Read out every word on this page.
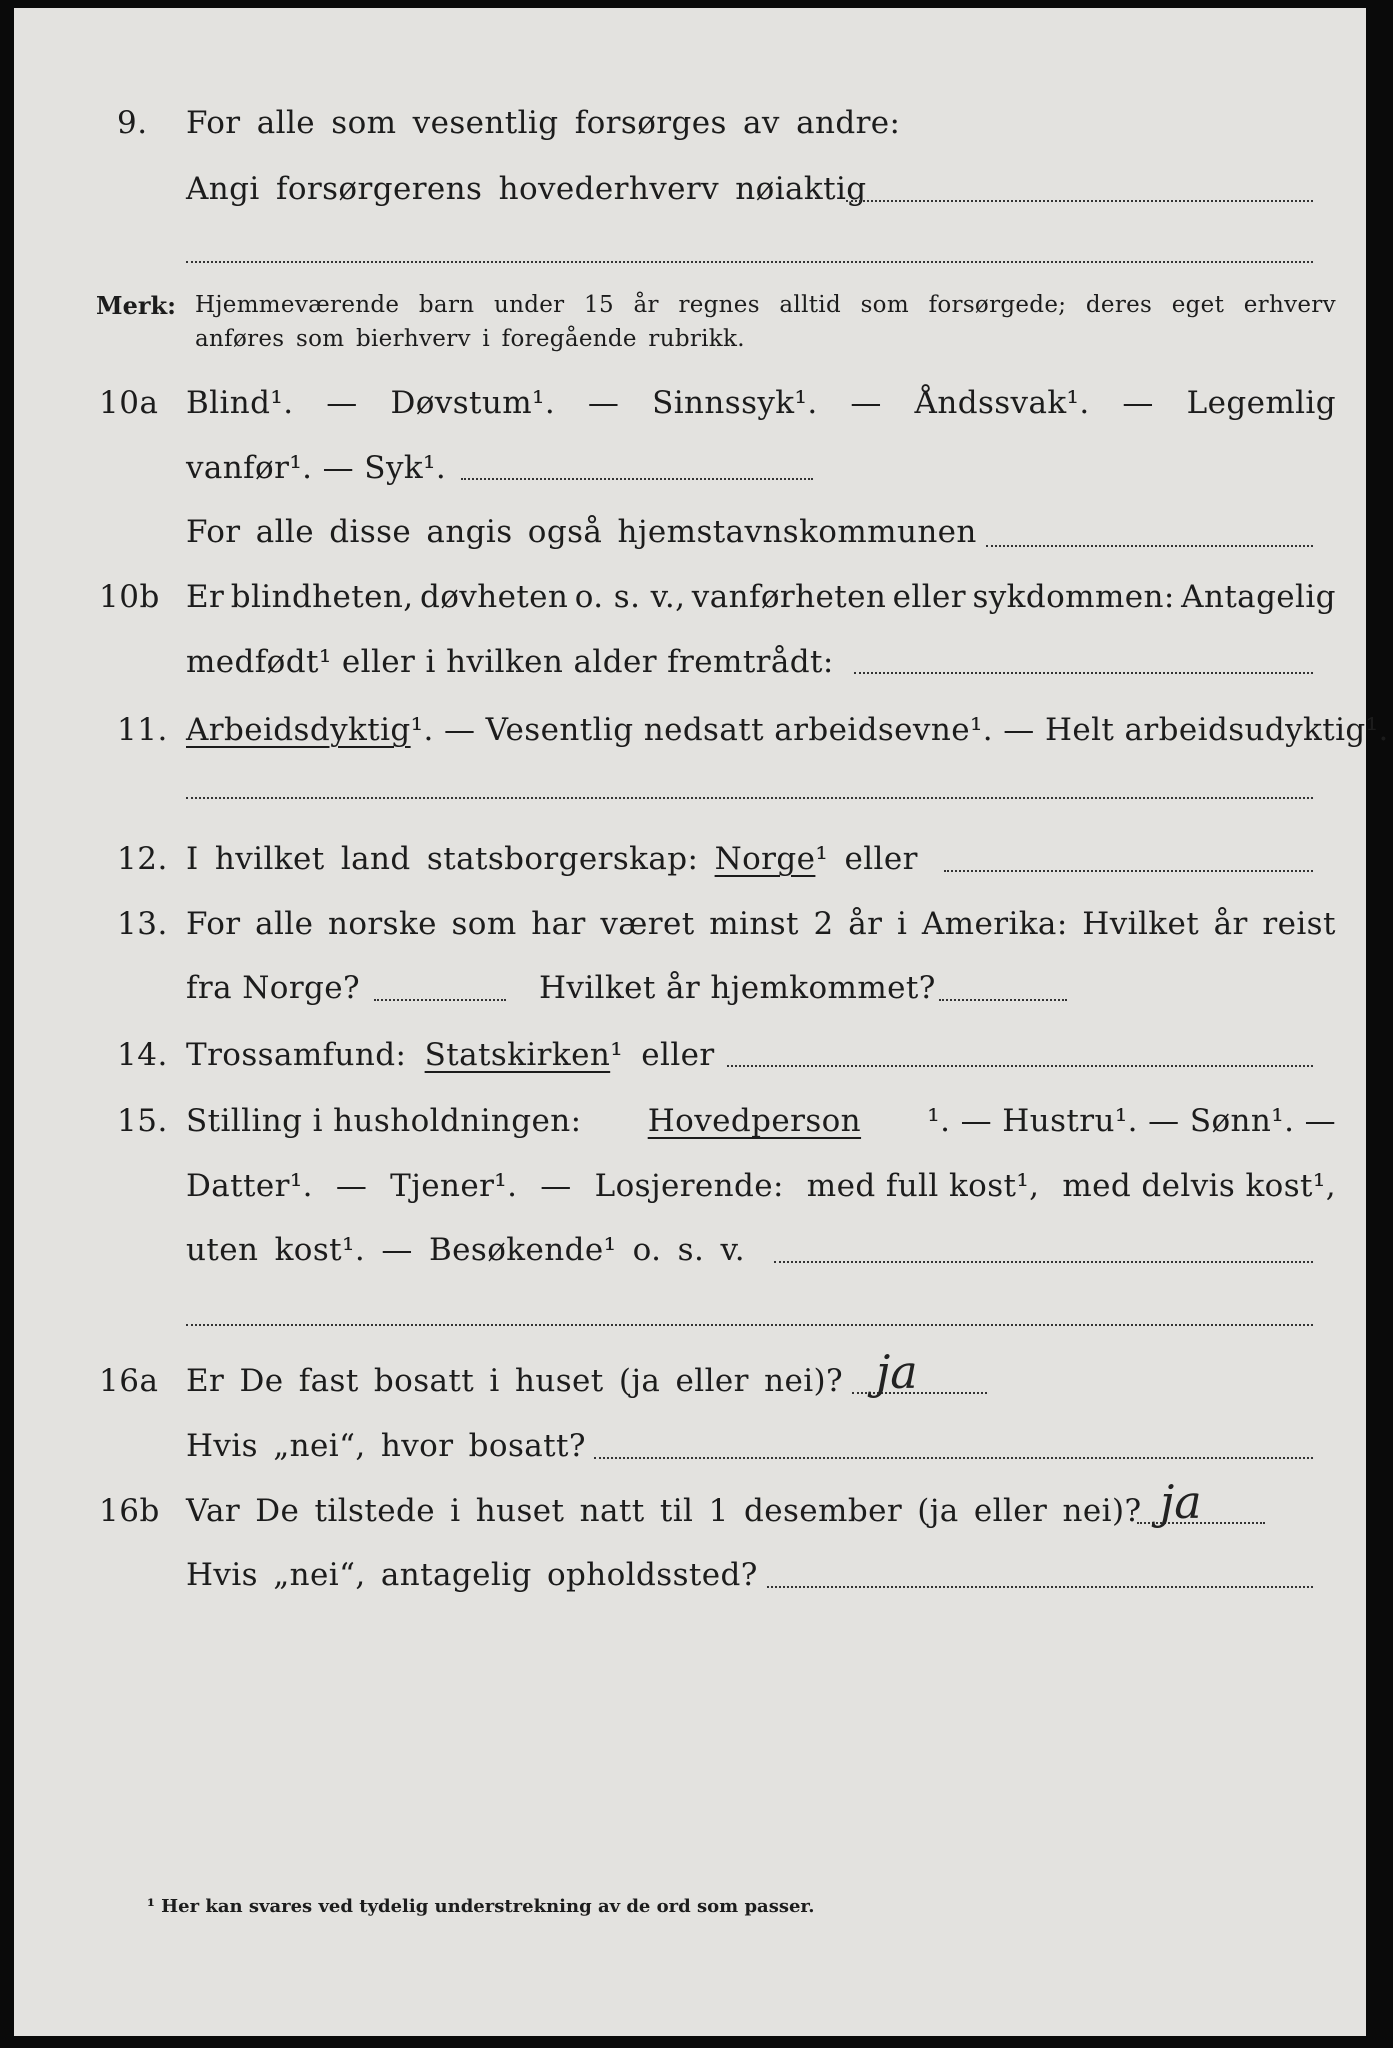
9. For alle som vesentlig forsørges av andre:
Angi forsørgerens hovederhverv nøiaktig
Merk: Hjemmeværende barn under 15 år regnes alltid som forsørgede; deres eget erhverv
anføres som bierhverv i foregående rubrikk.
10a Blind¹. — Døvstum¹. — Sinnssyk¹. — Åndssvak¹. — Legemlig
vanfør¹. — Syk¹.
For alle disse angis også hjemstavnskommunen
10b Er blindheten, døvheten o. s. v., vanførheten eller sykdommen: Antagelig
medfødt¹ eller i hvilken alder fremtrådt:
11. Arbeidsdyktig¹. — Vesentlig nedsatt arbeidsevne¹. — Helt arbeidsudyktig¹.
12. I hvilket land statsborgerskap: Norge¹ eller
13. For alle norske som har været minst 2 år i Amerika: Hvilket år reist
fra Norge?	Hvilket år hjemkommet?
14. Trossamfund: Statskirken¹ eller
15. Stilling i husholdningen: Hovedperson ¹. — Hustru¹. — Sønn¹. —
Datter¹. — Tjener¹. — Losjerende: med full kost¹, med delvis kost¹,
uten kost¹. — Besøkende¹ o. s. v.
16a Er De fast bosatt i huset (ja eller nei)? ja
Hvis „nei“, hvor bosatt?
16b Var De tilstede i huset natt til 1 desember (ja eller nei)? ja
Hvis „nei“, antagelig opholdssted?
¹ Her kan svares ved tydelig understrekning av de ord som passer.
